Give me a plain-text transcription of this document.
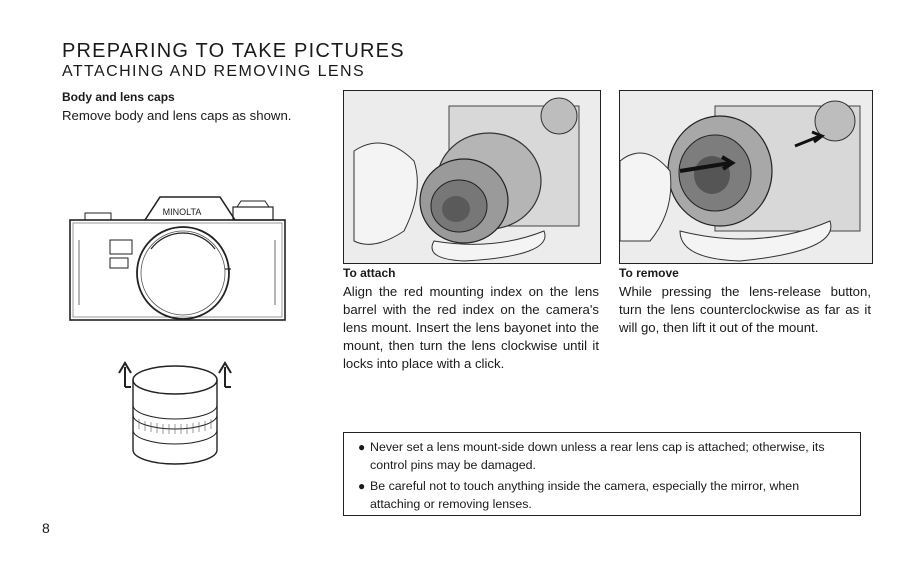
PREPARING TO TAKE PICTURES
ATTACHING AND REMOVING LENS
Body and lens caps
Remove body and lens caps as shown.
MINOLTA
To attach
Align the red mounting index on the lens barrel with the red index on the camera's lens mount. Insert the lens bayonet into the mount, then turn the lens clockwise until it locks into place with a click.
To remove
While pressing the lens-release button, turn the lens counterclockwise as far as it will go, then lift it out of the mount.
● Never set a lens mount-side down unless a rear lens cap is attached; otherwise, its control pins may be damaged.
● Be careful not to touch anything inside the camera, especially the mirror, when attaching or removing lenses.
8
